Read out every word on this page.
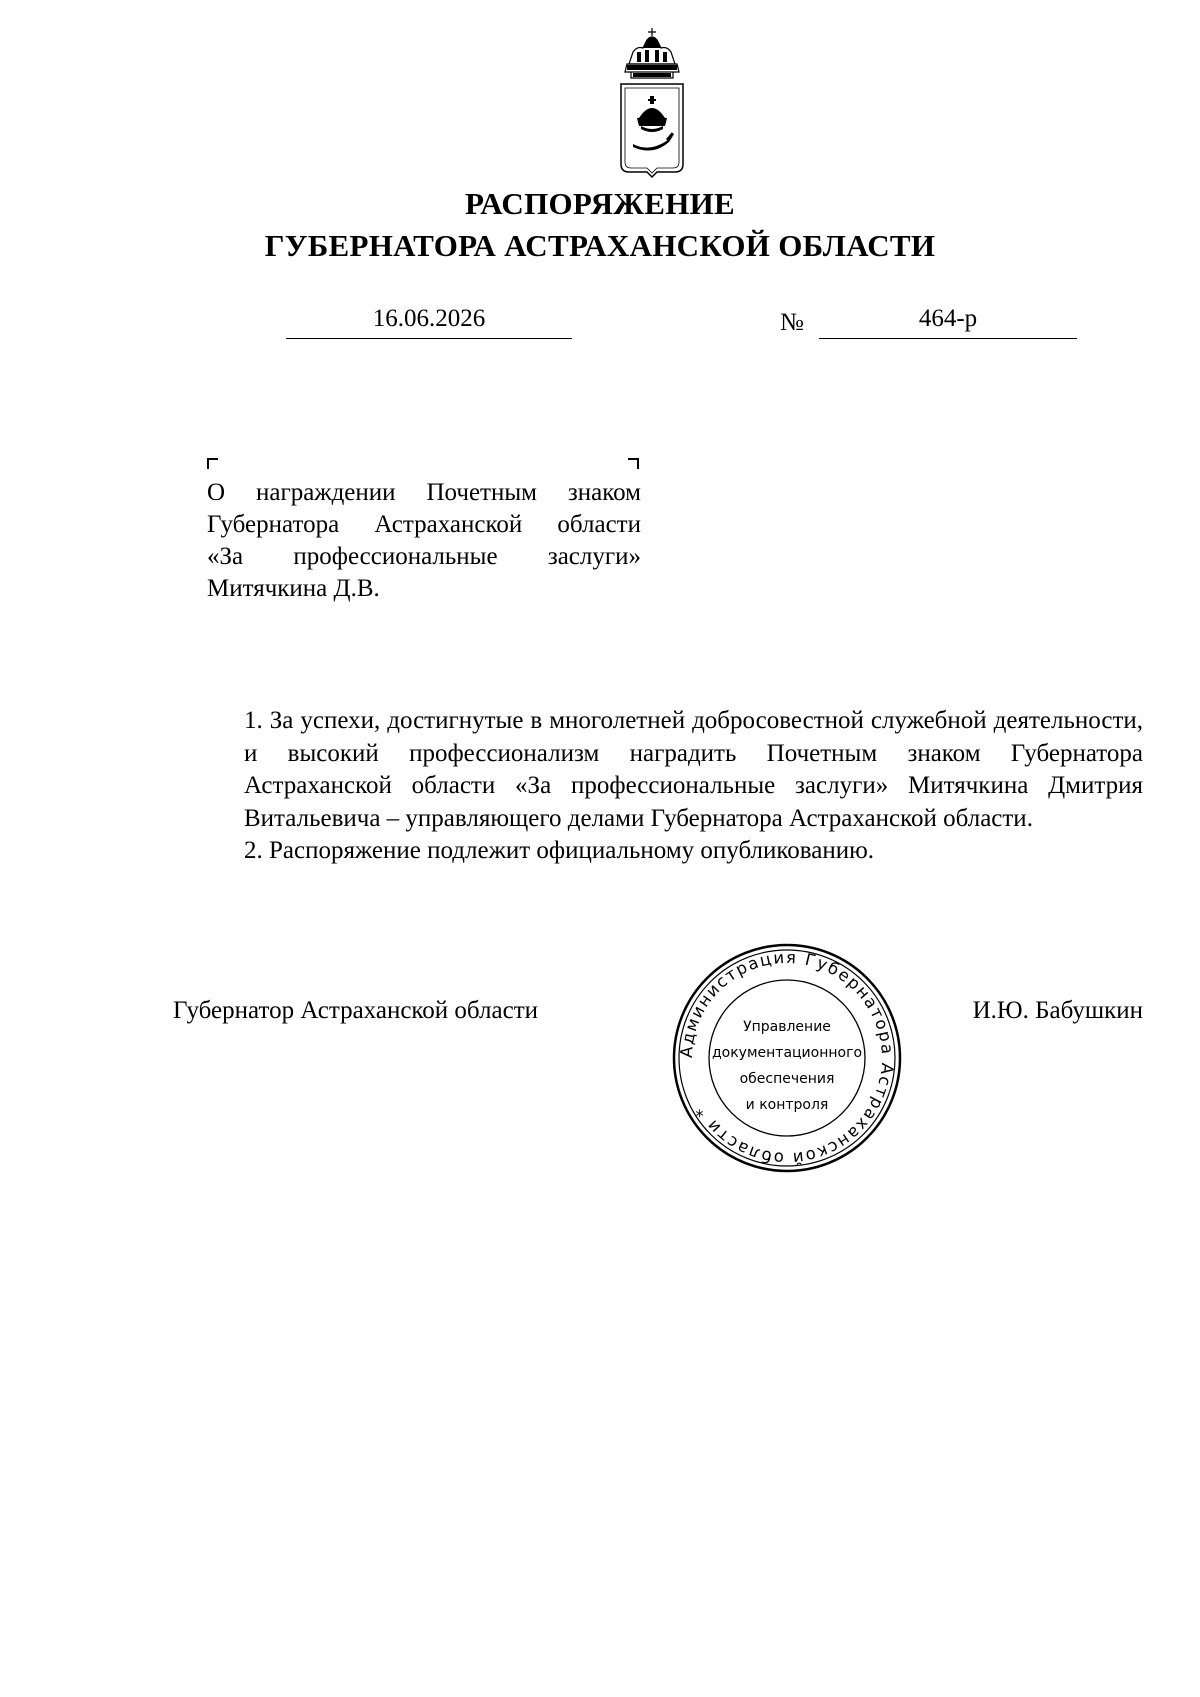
РАСПОРЯЖЕНИЕ
ГУБЕРНАТОРА АСТРАХАНСКОЙ ОБЛАСТИ
16.06.2026	№	464-р
О награждении Почетным знаком
Губернатора Астраханской области
«За профессиональные заслуги»
Митячкина Д.В.
1. За успехи, достигнутые в многолетней добросовестной служебной деятельности, и высокий профессионализм наградить Почетным знаком Губернатора Астраханской области «За профессиональные заслуги» Митячкина Дмитрия Витальевича – управляющего делами Губернатора Астраханской области.
2. Распоряжение подлежит официальному опубликованию.
Губернатор Астраханской области	И.Ю. Бабушкин
Администрация Губернатора Астраханской области *
Управление
документационного
обеспечения
и контроля
